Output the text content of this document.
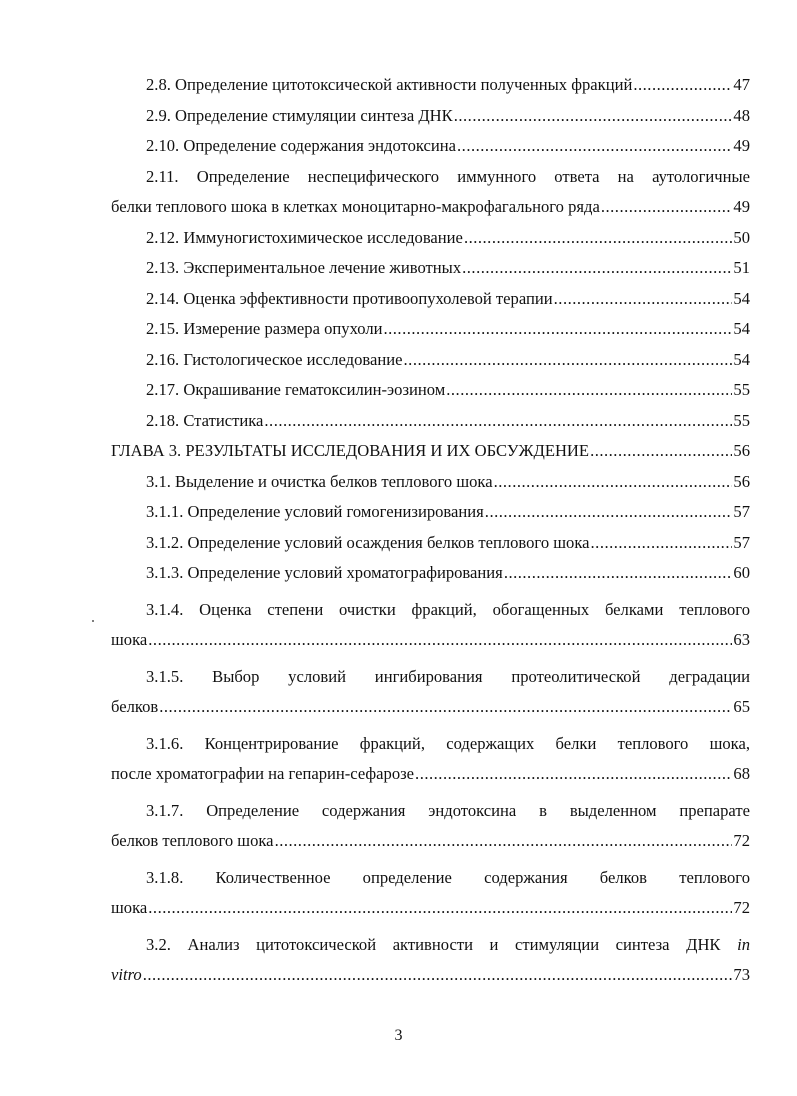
2.8. Определение цитотоксической активности полученных фракций .....	47
2.9. Определение стимуляции синтеза ДНК .....	48
2.10. Определение содержания эндотоксина .....	49
2.11. Определение неспецифического иммунного ответа на аутологичные
белки теплового шока в клетках моноцитарно-макрофагального ряда .....	49
2.12. Иммуногистохимическое исследование .....	50
2.13. Экспериментальное лечение животных .....	51
2.14. Оценка эффективности противоопухолевой терапии .....	54
2.15. Измерение размера опухоли .....	54
2.16. Гистологическое исследование .....	54
2.17. Окрашивание гематоксилин-эозином .....	55
2.18. Статистика .....	55
ГЛАВА 3. РЕЗУЛЬТАТЫ ИССЛЕДОВАНИЯ И ИХ ОБСУЖДЕНИЕ .....	56
3.1. Выделение и очистка белков теплового шока .....	56
3.1.1. Определение условий гомогенизирования .....	57
3.1.2. Определение условий осаждения белков теплового шока .....	57
3.1.3. Определение условий хроматографирования .....	60
3.1.4. Оценка степени очистки фракций, обогащенных белками теплового
шока .....	63
3.1.5. Выбор условий ингибирования протеолитической деградации
белков .....	65
3.1.6. Концентрирование фракций, содержащих белки теплового шока,
после хроматографии на гепарин-сефарозе .....	68
3.1.7. Определение содержания эндотоксина в выделенном препарате
белков теплового шока .....	72
3.1.8. Количественное определение содержания белков теплового
шока .....	72
3.2. Анализ цитотоксической активности и стимуляции синтеза ДНК in
vitro .....	73
3
